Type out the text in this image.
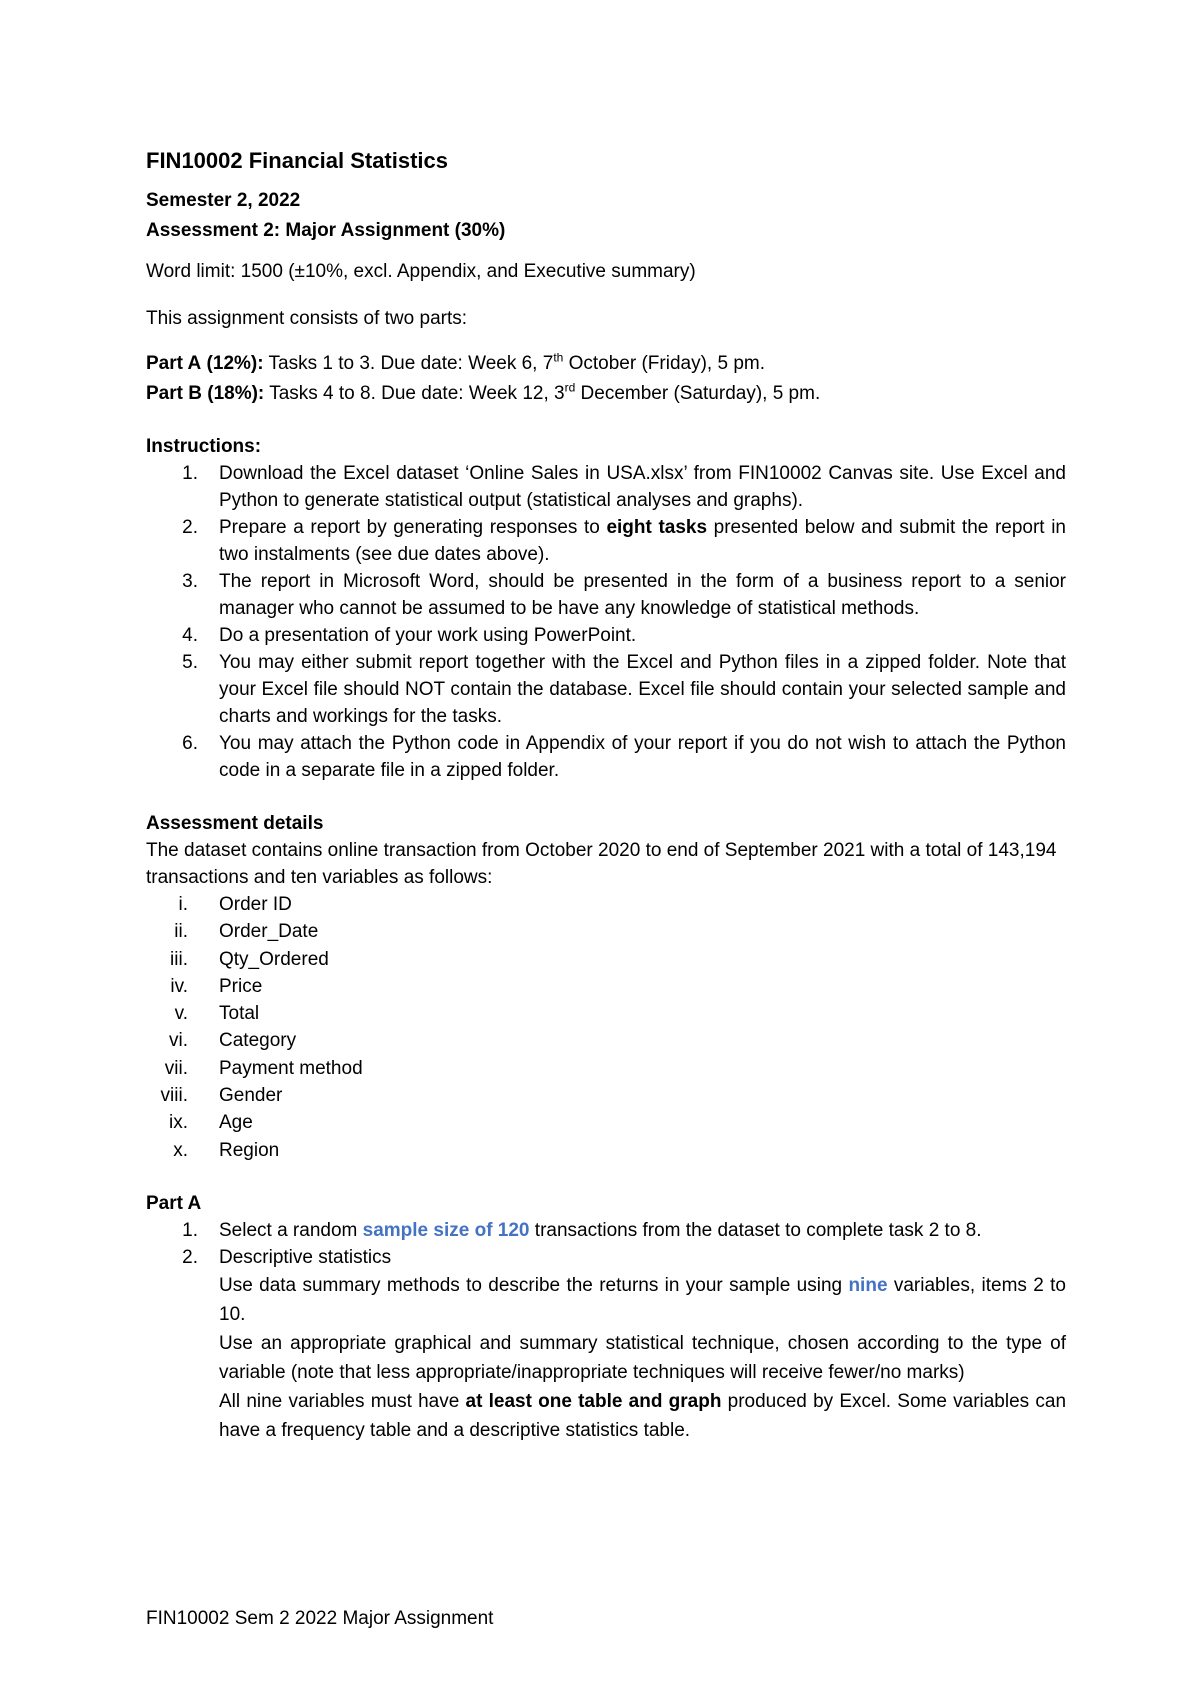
FIN10002 Financial Statistics
Semester 2, 2022
Assessment 2: Major Assignment (30%)
Word limit: 1500 (±10%, excl. Appendix, and Executive summary)
This assignment consists of two parts:
Part A (12%): Tasks 1 to 3. Due date: Week 6, 7th October (Friday), 5 pm.
Part B (18%): Tasks 4 to 8. Due date: Week 12, 3rd December (Saturday), 5 pm.
Instructions:
1. Download the Excel dataset ‘Online Sales in USA.xlsx’ from FIN10002 Canvas site. Use Excel and Python to generate statistical output (statistical analyses and graphs).
2. Prepare a report by generating responses to eight tasks presented below and submit the report in two instalments (see due dates above).
3. The report in Microsoft Word, should be presented in the form of a business report to a senior manager who cannot be assumed to be have any knowledge of statistical methods.
4. Do a presentation of your work using PowerPoint.
5. You may either submit report together with the Excel and Python files in a zipped folder. Note that your Excel file should NOT contain the database. Excel file should contain your selected sample and charts and workings for the tasks.
6. You may attach the Python code in Appendix of your report if you do not wish to attach the Python code in a separate file in a zipped folder.
Assessment details
The dataset contains online transaction from October 2020 to end of September 2021 with a total of 143,194 transactions and ten variables as follows:
i. Order ID
ii. Order_Date
iii. Qty_Ordered
iv. Price
v. Total
vi. Category
vii. Payment method
viii. Gender
ix. Age
x. Region
Part A
1. Select a random sample size of 120 transactions from the dataset to complete task 2 to 8.
2. Descriptive statistics
Use data summary methods to describe the returns in your sample using nine variables, items 2 to 10.
Use an appropriate graphical and summary statistical technique, chosen according to the type of variable (note that less appropriate/inappropriate techniques will receive fewer/no marks)
All nine variables must have at least one table and graph produced by Excel. Some variables can have a frequency table and a descriptive statistics table.
FIN10002 Sem 2 2022 Major Assignment
